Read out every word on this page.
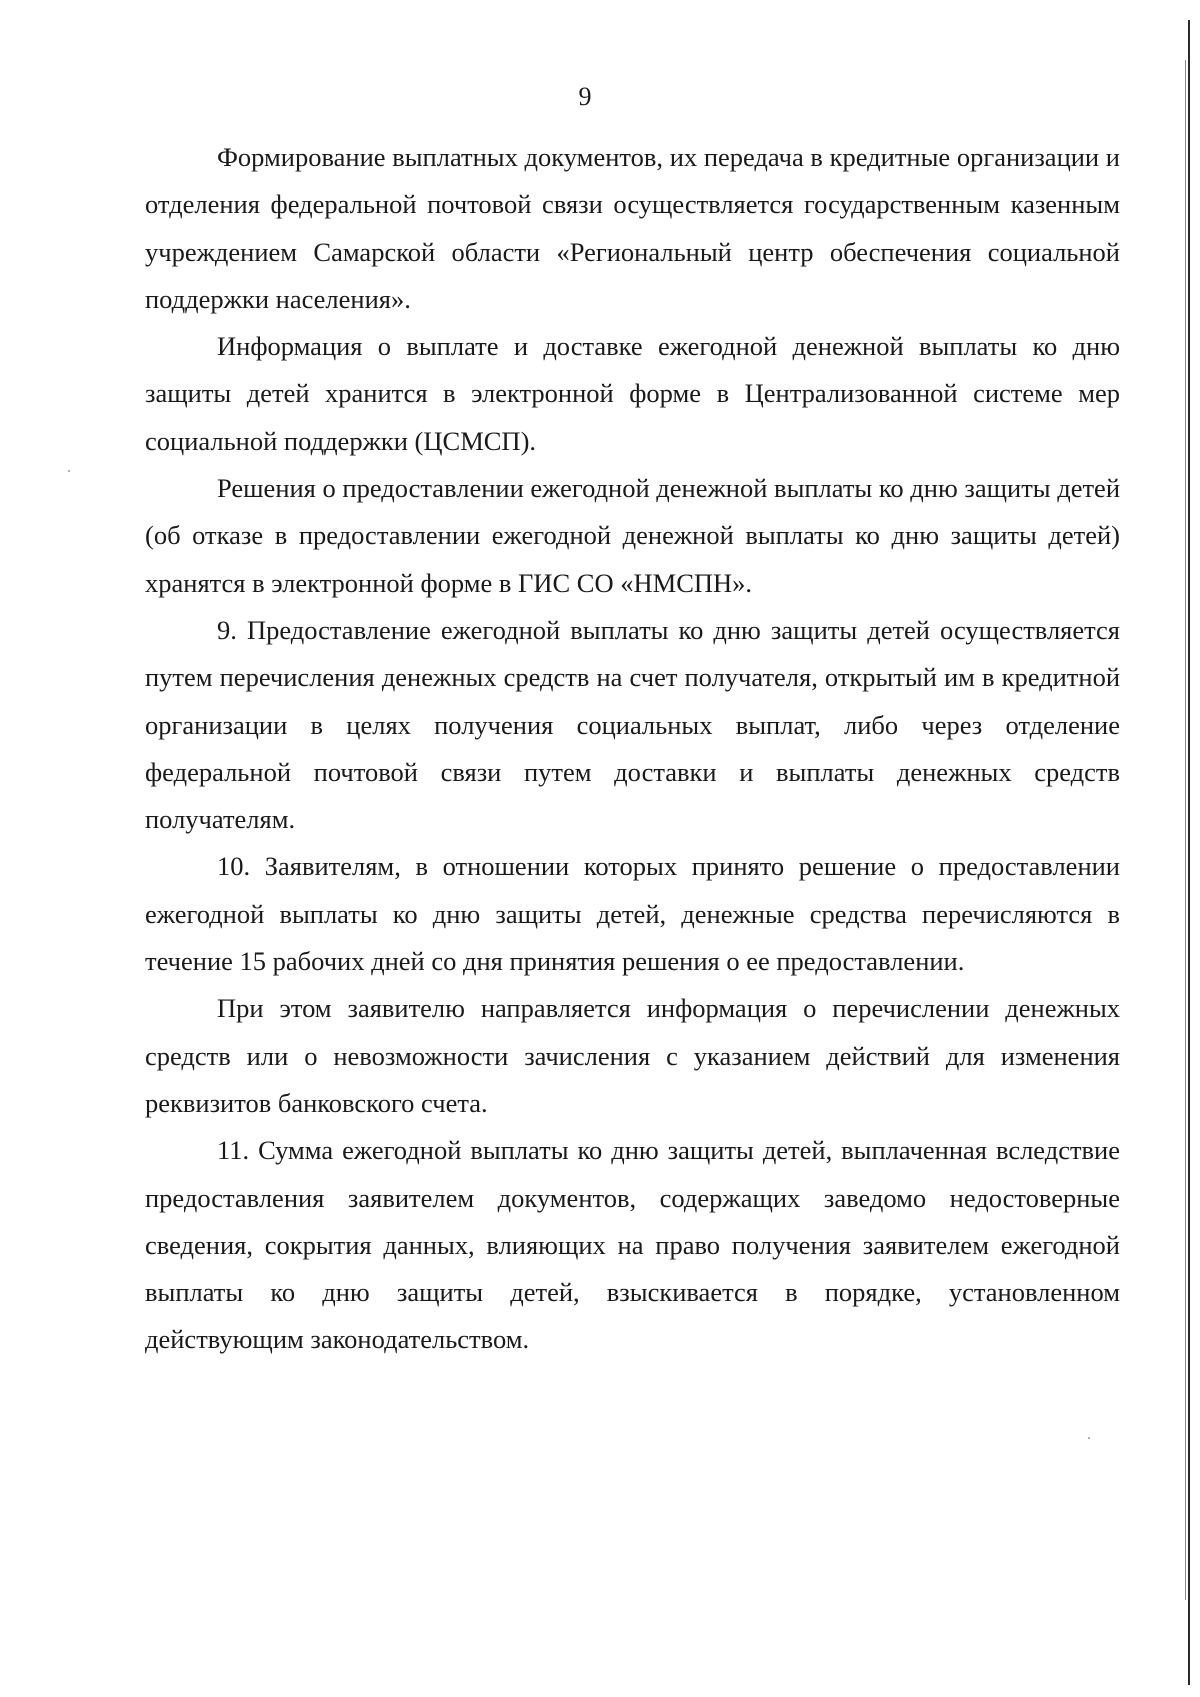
9

Формирование выплатных документов, их передача в кредитные организации и отделения федеральной почтовой связи осуществляется государственным казенным учреждением Самарской области «Региональный центр обеспечения социальной поддержки населения».

Информация о выплате и доставке ежегодной денежной выплаты ко дню защиты детей хранится в электронной форме в Централизованной системе мер социальной поддержки (ЦСМСП).

Решения о предоставлении ежегодной денежной выплаты ко дню защиты детей (об отказе в предоставлении ежегодной денежной выплаты ко дню защиты детей) хранятся в электронной форме в ГИС СО «НМСПН».

9. Предоставление ежегодной выплаты ко дню защиты детей осуществляется путем перечисления денежных средств на счет получателя, открытый им в кредитной организации в целях получения социальных выплат, либо через отделение федеральной почтовой связи путем доставки и выплаты денежных средств получателям.

10. Заявителям, в отношении которых принято решение о предоставлении ежегодной выплаты ко дню защиты детей, денежные средства перечисляются в течение 15 рабочих дней со дня принятия решения о ее предоставлении.

При этом заявителю направляется информация о перечислении денежных средств или о невозможности зачисления с указанием действий для изменения реквизитов банковского счета.

11. Сумма ежегодной выплаты ко дню защиты детей, выплаченная вследствие предоставления заявителем документов, содержащих заведомо недостоверные сведения, сокрытия данных, влияющих на право получения заявителем ежегодной выплаты ко дню защиты детей, взыскивается в порядке, установленном действующим законодательством.
